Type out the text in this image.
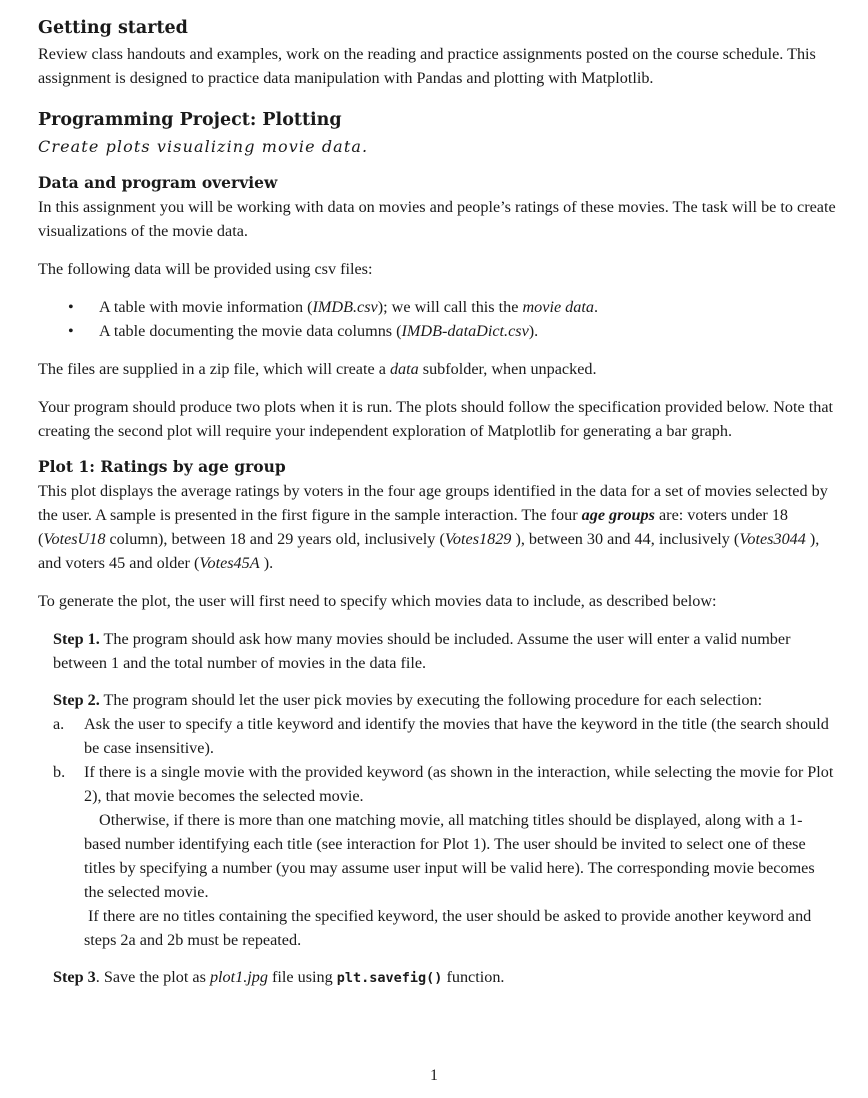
Getting started

Review class handouts and examples, work on the reading and practice assignments posted on the course schedule. This assignment is designed to practice data manipulation with Pandas and plotting with Matplotlib.

Programming Project: Plotting

Create plots visualizing movie data.

Data and program overview

In this assignment you will be working with data on movies and people’s ratings of these movies. The task will be to create visualizations of the movie data.

The following data will be provided using csv files:

• A table with movie information (IMDB.csv); we will call this the movie data.
• A table documenting the movie data columns (IMDB-dataDict.csv).

The files are supplied in a zip file, which will create a data subfolder, when unpacked.

Your program should produce two plots when it is run. The plots should follow the specification provided below. Note that creating the second plot will require your independent exploration of Matplotlib for generating a bar graph.

Plot 1: Ratings by age group

This plot displays the average ratings by voters in the four age groups identified in the data for a set of movies selected by the user. A sample is presented in the first figure in the sample interaction. The four age groups are: voters under 18 (VotesU18 column), between 18 and 29 years old, inclusively (Votes1829 ), between 30 and 44, inclusively (Votes3044 ), and voters 45 and older (Votes45A ).

To generate the plot, the user will first need to specify which movies data to include, as described below:

Step 1. The program should ask how many movies should be included. Assume the user will enter a valid number between 1 and the total number of movies in the data file.

Step 2. The program should let the user pick movies by executing the following procedure for each selection:

a. Ask the user to specify a title keyword and identify the movies that have the keyword in the title (the search should be case insensitive).

b. If there is a single movie with the provided keyword (as shown in the interaction, while selecting the movie for Plot 2), that movie becomes the selected movie.

Otherwise, if there is more than one matching movie, all matching titles should be displayed, along with a 1-based number identifying each title (see interaction for Plot 1). The user should be invited to select one of these titles by specifying a number (you may assume user input will be valid here). The corresponding movie becomes the selected movie.

If there are no titles containing the specified keyword, the user should be asked to provide another keyword and steps 2a and 2b must be repeated.

Step 3. Save the plot as plot1.jpg file using plt.savefig() function.

1
